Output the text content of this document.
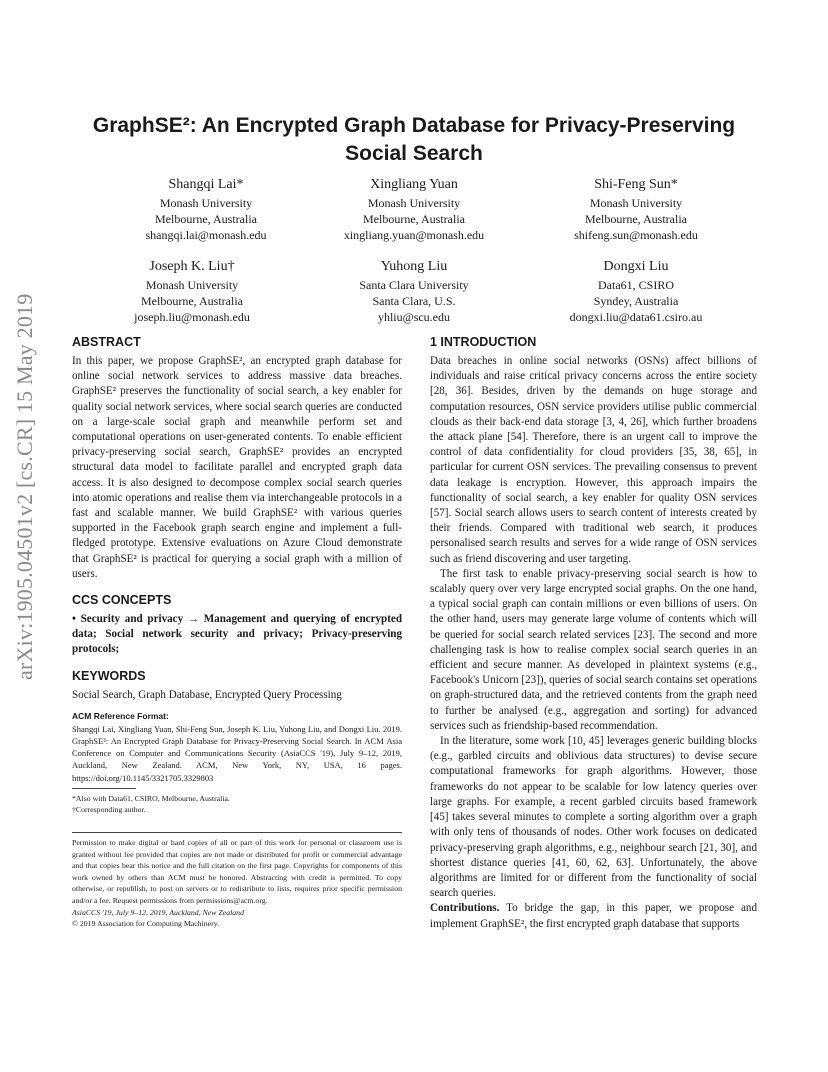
arXiv:1905.04501v2 [cs.CR] 15 May 2019
GraphSE²: An Encrypted Graph Database for Privacy-Preserving
Social Search
Shangqi Lai*
Monash University
Melbourne, Australia
shangqi.lai@monash.edu
Xingliang Yuan
Monash University
Melbourne, Australia
xingliang.yuan@monash.edu
Shi-Feng Sun*
Monash University
Melbourne, Australia
shifeng.sun@monash.edu
Joseph K. Liu†
Monash University
Melbourne, Australia
joseph.liu@monash.edu
Yuhong Liu
Santa Clara University
Santa Clara, U.S.
yhliu@scu.edu
Dongxi Liu
Data61, CSIRO
Syndey, Australia
dongxi.liu@data61.csiro.au
ABSTRACT

In this paper, we propose GraphSE², an encrypted graph database for online social network services to address massive data breaches. GraphSE² preserves the functionality of social search, a key enabler for quality social network services, where social search queries are conducted on a large-scale social graph and meanwhile perform set and computational operations on user-generated contents. To enable efficient privacy-preserving social search, GraphSE² provides an encrypted structural data model to facilitate parallel and encrypted graph data access. It is also designed to decompose complex social search queries into atomic operations and realise them via interchangeable protocols in a fast and scalable manner. We build GraphSE² with various queries supported in the Facebook graph search engine and implement a full-fledged prototype. Extensive evaluations on Azure Cloud demonstrate that GraphSE² is practical for querying a social graph with a million of users.

CCS CONCEPTS

• Security and privacy → Management and querying of encrypted data; Social network security and privacy; Privacy-preserving protocols;

KEYWORDS

Social Search, Graph Database, Encrypted Query Processing

ACM Reference Format:

Shangqi Lai, Xingliang Yuan, Shi-Feng Sun, Joseph K. Liu, Yuhong Liu, and Dongxi Liu. 2019. GraphSE²: An Encrypted Graph Database for Privacy-Preserving Social Search. In ACM Asia Conference on Computer and Communications Security (AsiaCCS '19), July 9–12, 2019, Auckland, New Zealand. ACM, New York, NY, USA, 16 pages. https://doi.org/10.1145/3321705.3329803

*Also with Data61, CSIRO, Melbourne, Australia.
†Corresponding author.

Permission to make digital or hard copies of all or part of this work for personal or classroom use is granted without fee provided that copies are not made or distributed for profit or commercial advantage and that copies bear this notice and the full citation on the first page. Copyrights for components of this work owned by others than ACM must be honored. Abstracting with credit is permitted. To copy otherwise, or republish, to post on servers or to redistribute to lists, requires prior specific permission and/or a fee. Request permissions from permissions@acm.org.

AsiaCCS '19, July 9–12, 2019, Auckland, New Zealand
© 2019 Association for Computing Machinery.
1 INTRODUCTION

Data breaches in online social networks (OSNs) affect billions of individuals and raise critical privacy concerns across the entire society [28, 36]. Besides, driven by the demands on huge storage and computation resources, OSN service providers utilise public commercial clouds as their back-end data storage [3, 4, 26], which further broadens the attack plane [54]. Therefore, there is an urgent call to improve the control of data confidentiality for cloud providers [35, 38, 65], in particular for current OSN services. The prevailing consensus to prevent data leakage is encryption. However, this approach impairs the functionality of social search, a key enabler for quality OSN services [57]. Social search allows users to search content of interests created by their friends. Compared with traditional web search, it produces personalised search results and serves for a wide range of OSN services such as friend discovering and user targeting.

The first task to enable privacy-preserving social search is how to scalably query over very large encrypted social graphs. On the one hand, a typical social graph can contain millions or even billions of users. On the other hand, users may generate large volume of contents which will be queried for social search related services [23]. The second and more challenging task is how to realise complex social search queries in an efficient and secure manner. As developed in plaintext systems (e.g., Facebook's Unicorn [23]), queries of social search contains set operations on graph-structured data, and the retrieved contents from the graph need to further be analysed (e.g., aggregation and sorting) for advanced services such as friendship-based recommendation.

In the literature, some work [10, 45] leverages generic building blocks (e.g., garbled circuits and oblivious data structures) to devise secure computational frameworks for graph algorithms. However, those frameworks do not appear to be scalable for low latency queries over large graphs. For example, a recent garbled circuits based framework [45] takes several minutes to complete a sorting algorithm over a graph with only tens of thousands of nodes. Other work focuses on dedicated privacy-preserving graph algorithms, e.g., neighbour search [21, 30], and shortest distance queries [41, 60, 62, 63]. Unfortunately, the above algorithms are limited for or different from the functionality of social search queries.

Contributions. To bridge the gap, in this paper, we propose and implement GraphSE², the first encrypted graph database that supports
